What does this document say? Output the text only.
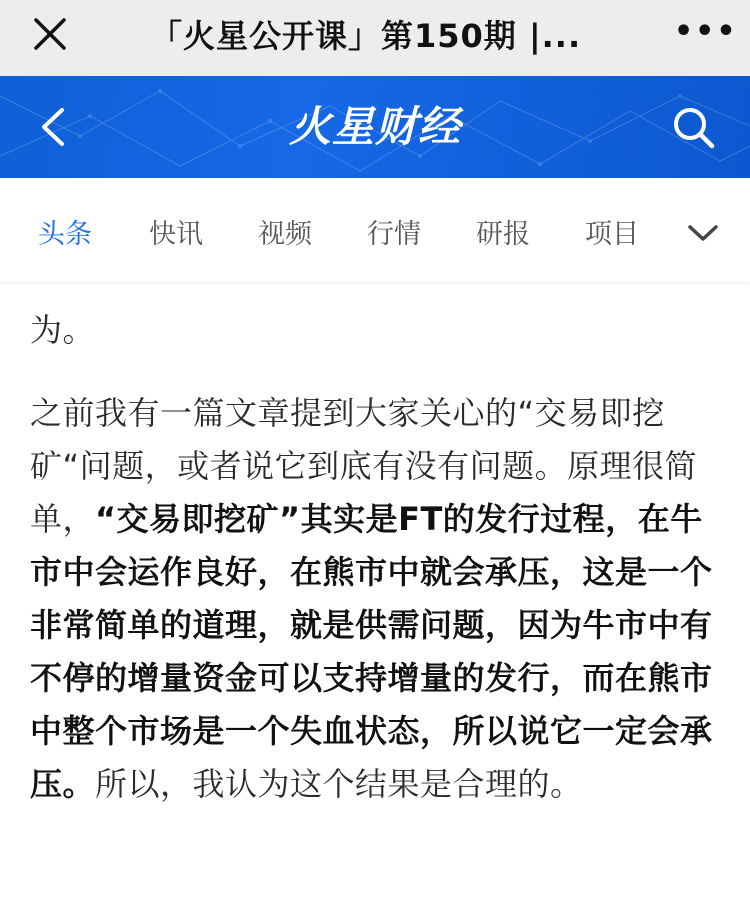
「火星公开课」第150期 |...	•••
火星财经
头条 快讯 视频 行情 研报 项目

为。

之前我有一篇文章提到大家关心的“交易即挖矿“问题，或者说它到底有没有问题。原理很简单，“交易即挖矿”其实是FT的发行过程，在牛市中会运作良好，在熊市中就会承压，这是一个非常简单的道理，就是供需问题，因为牛市中有不停的增量资金可以支持增量的发行，而在熊市中整个市场是一个失血状态，所以说它一定会承压。所以，我认为这个结果是合理的。
